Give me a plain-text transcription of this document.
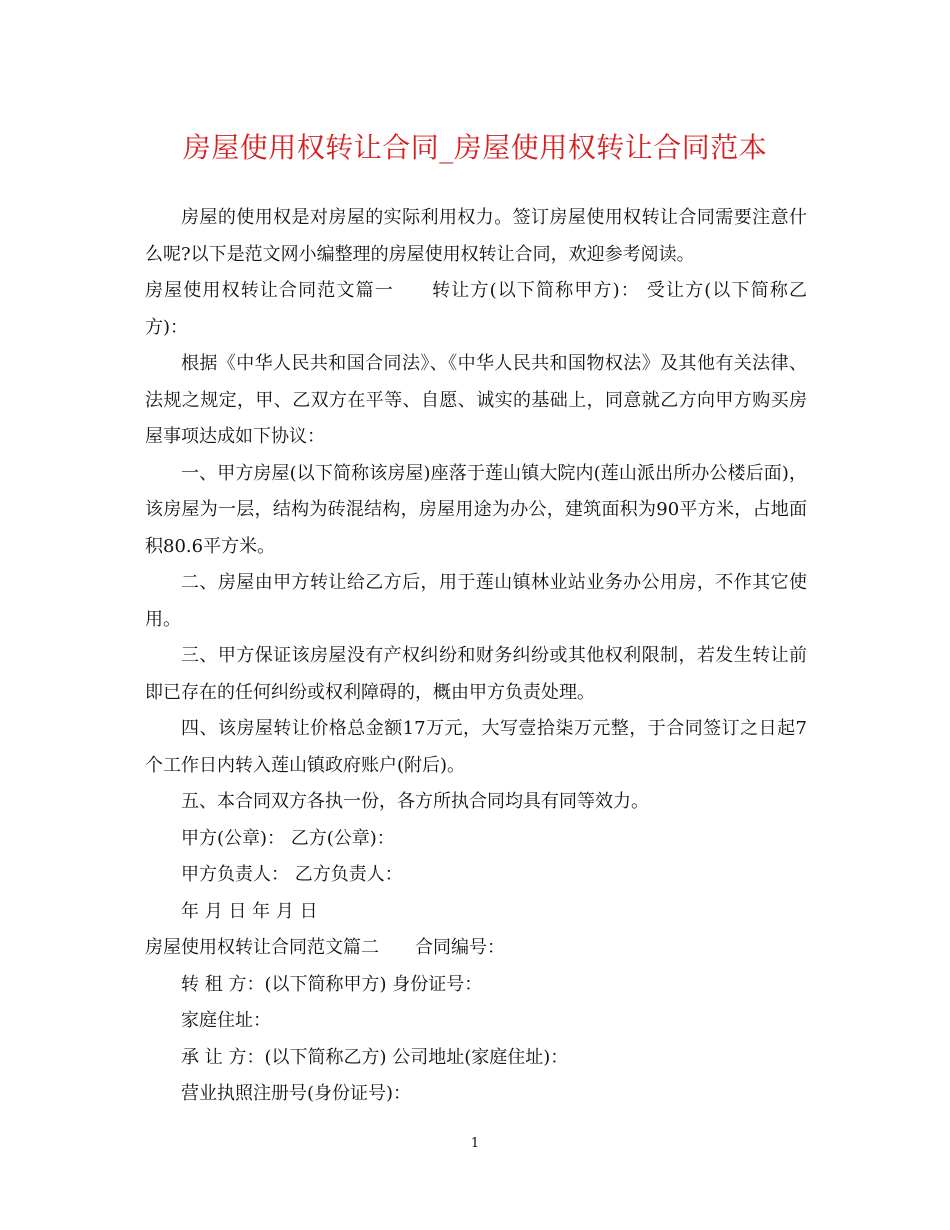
房屋使用权转让合同_房屋使用权转让合同范本

房屋的使用权是对房屋的实际利用权力。签订房屋使用权转让合同需要注意什么呢?以下是范文网小编整理的房屋使用权转让合同，欢迎参考阅读。

房屋使用权转让合同范文篇一　　转让方(以下简称甲方)： 受让方(以下简称乙方)：

根据《中华人民共和国合同法》、《中华人民共和国物权法》及其他有关法律、法规之规定，甲、乙双方在平等、自愿、诚实的基础上，同意就乙方向甲方购买房屋事项达成如下协议：

一、甲方房屋(以下简称该房屋)座落于莲山镇大院内(莲山派出所办公楼后面)，该房屋为一层，结构为砖混结构，房屋用途为办公，建筑面积为90平方米，占地面积80.6平方米。

二、房屋由甲方转让给乙方后，用于莲山镇林业站业务办公用房，不作其它使用。

三、甲方保证该房屋没有产权纠纷和财务纠纷或其他权利限制，若发生转让前即已存在的任何纠纷或权利障碍的，概由甲方负责处理。

四、该房屋转让价格总金额17万元，大写壹拾柒万元整，于合同签订之日起7个工作日内转入莲山镇政府账户(附后)。

五、本合同双方各执一份，各方所执合同均具有同等效力。

甲方(公章)： 乙方(公章)：

甲方负责人： 乙方负责人：

年 月 日 年 月 日

房屋使用权转让合同范文篇二　　合同编号：

转 租 方：(以下简称甲方) 身份证号：

家庭住址：

承 让 方：(以下简称乙方) 公司地址(家庭住址)：

营业执照注册号(身份证号)：

1
